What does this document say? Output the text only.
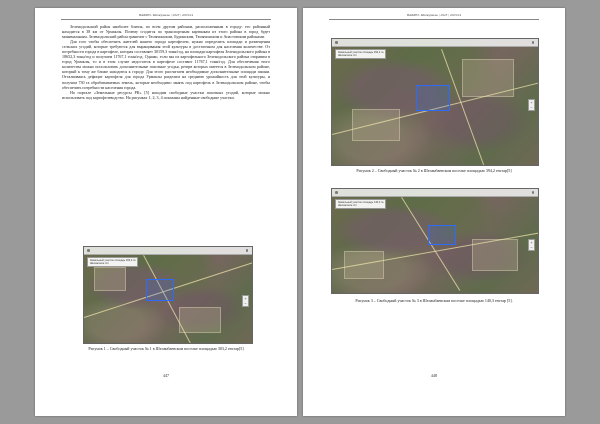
ВАЖНО. Материалы | 2023 | 2023/24

Зеленодольский район наиболее близок, по всем другим районам, расположенным в городу: его районный находится в 38 км от Урмаклы. Почему сгодится по транспортным картинкам из этого района в город будет минимальным. Зеленодольский район граничит с Тюлячинским, Буринским, Тюлячинским и Апастовским районами.

Для того чтобы обеспечить жителей нашего города картофелем, нужно определить площади и размещения сельских угодий, которые требуются для выращивания этой культуры в достаточном для населения количестве. От потребности города в картофеле, которая составляет 30159,3 тонн/год, на площади картофеля Зеленодольского района в 18652,3 тонн/год и получаем 11767,1 тонн/год. Однако, если мы из картофельного Зеленодольского района отправим в город Урмаклы, то и в этом случае недостаток в картофеле составит 11767,1 тонн/год. Для обеспечения этого количества можно использовать дополнительные пахотные угодья, резерв которых имеется в Зеленодольском районе, который к тому же ближе находится к городу. Для этого рассчитаем необходимые дополнительные площади пашни. Отталкиваясь дефицит картофеля для города Урмаклы разделим на среднюю урожайность для этой культуры, и получим 730 га обрабатываемых земель, которые необходимо занять под картофель в Зеленодольском районе, чтобы обеспечить потребности населения города.

На портале «Земельные ресурсы РК» [5] находим свободные участки пахотных угодий, которые можно использовать под картофелеводство. На рисунках 1, 2, 3, 4 показаны найденные свободные участки.

Земельный участок площадь 303,2 га
Шелангское с/п
+
−
Рисунок 1 – Свободный участок № 1 в Шеланбаевском поселке площадью 303,2 гектар[5]
447
ВАЖНО. Материалы | 2023 | 2023/24
Земельный участок площадь 394,2 га
Шелангское с/п
+
−
Рисунок 2 – Свободный участок № 2 в Шеланбаевском поселке площадью 394,2 гектар[5]
Земельный участок площадь 140,3 га
Шелангское с/п
+
−
Рисунок 3 – Свободный участок № 3 в Шеланбаевском поселке площадью 140,3 гектар [5].
448
